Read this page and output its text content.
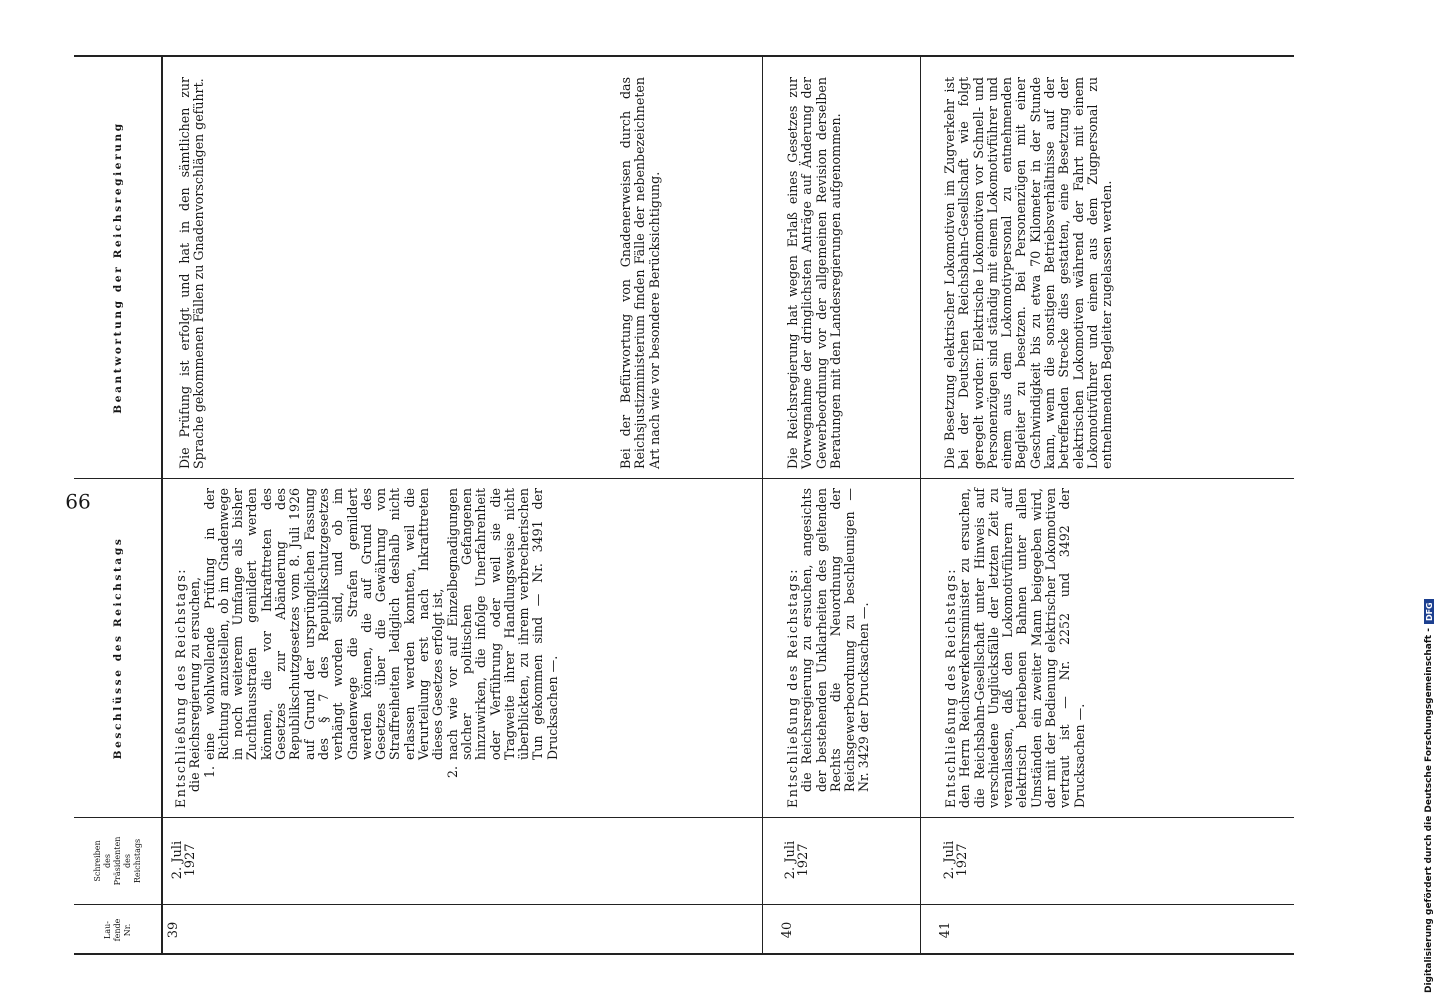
99
Lau- fende Nr.
Schreiben des Präsidenten des Reichstags
Beschlüsse des Reichstags
Beantwortung der Reichsregierung
39
2. Juli
1927
Entschließung des Reichstags: die Reichsregierung zu ersuchen, 1.
eine wohlwollende Prüfung in der Richtung anzustellen, ob im Gnadenwege in noch weiterem Umfange als bisher Zuchthausstrafen gemildert werden können, die vor Inkrafttreten des Gesetzes zur Abänderung des Republikschutzgesetzes vom 8. Juli 1926 auf Grund der ursprünglichen Fassung des § 7 des Republikschutzgesetzes verhängt worden sind, und ob im Gnadenwege die Strafen gemildert werden können, die auf Grund des Gesetzes über die Gewährung von Straffreiheiten lediglich deshalb nicht erlassen werden konnten, weil die Verurteilung erst nach Inkrafttreten dieses Gesetzes erfolgt ist,
2.
nach wie vor auf Einzelbegnadigungen solcher politischen Gefangenen hinzuwirken, die infolge Unerfahrenheit oder Verführung oder weil sie die Tragweite ihrer Handlungsweise nicht überblickten, zu ihrem verbrecherischen Tun gekommen sind — Nr. 3491 der Drucksachen —.
Die Prüfung ist erfolgt und hat in den sämtlichen zur Sprache gekommenen Fällen zu Gnadenvorschlägen geführt.	Bei der Befürwortung von Gnadenerweisen durch das Reichsjustizministerium finden Fälle der nebenbezeichneten Art nach wie vor besondere Berücksichtigung.
40
2. Juli
1927
Entschließung des Reichstags: die Reichsregierung zu ersuchen, angesichts der bestehenden Unklarheiten des geltenden Rechts die Neuordnung der Reichsgewerbeordnung zu beschleunigen — Nr. 3429 der Drucksachen —.
Die Reichsregierung hat wegen Erlaß eines Gesetzes zur Vorwegnahme der dringlichsten Anträge auf Änderung der Gewerbeordnung vor der allgemeinen Revision derselben Beratungen mit den Landesregierungen aufgenommen.
41
2. Juli
1927
Entschließung des Reichstags: den Herrn Reichsverkehrsminister zu ersuchen, die Reichsbahn-Gesellschaft unter Hinweis auf verschiedene Unglücksfälle der letzten Zeit zu veranlassen, daß den Lokomotivführern auf elektrisch betriebenen Bahnen unter allen Umständen ein zweiter Mann beigegeben wird, der mit der Bedienung elektrischer Lokomotiven vertraut ist — Nr. 2252 und 3492 der Drucksachen —.
Die Besetzung elektrischer Lokomotiven im Zugverkehr ist bei der Deutschen Reichsbahn-Gesellschaft wie folgt geregelt worden: Elektrische Lokomotiven vor Schnell- und Personenzügen sind ständig mit einem Lokomotivführer und einem aus dem Lokomotivpersonal zu entnehmenden Begleiter zu besetzen. Bei Personenzügen mit einer Geschwindigkeit bis zu etwa 70 Kilometer in der Stunde kann, wenn die sonstigen Betriebsverhältnisse auf der betreffenden Strecke dies gestatten, eine Besetzung der elektrischen Lokomotiven während der Fahrt mit einem Lokomotivführer und einem aus dem Zugpersonal zu entnehmenden Begleiter zugelassen werden.
Digitalisierung gefördert durch die Deutsche Forschungsgemeinschaft -
DFG
